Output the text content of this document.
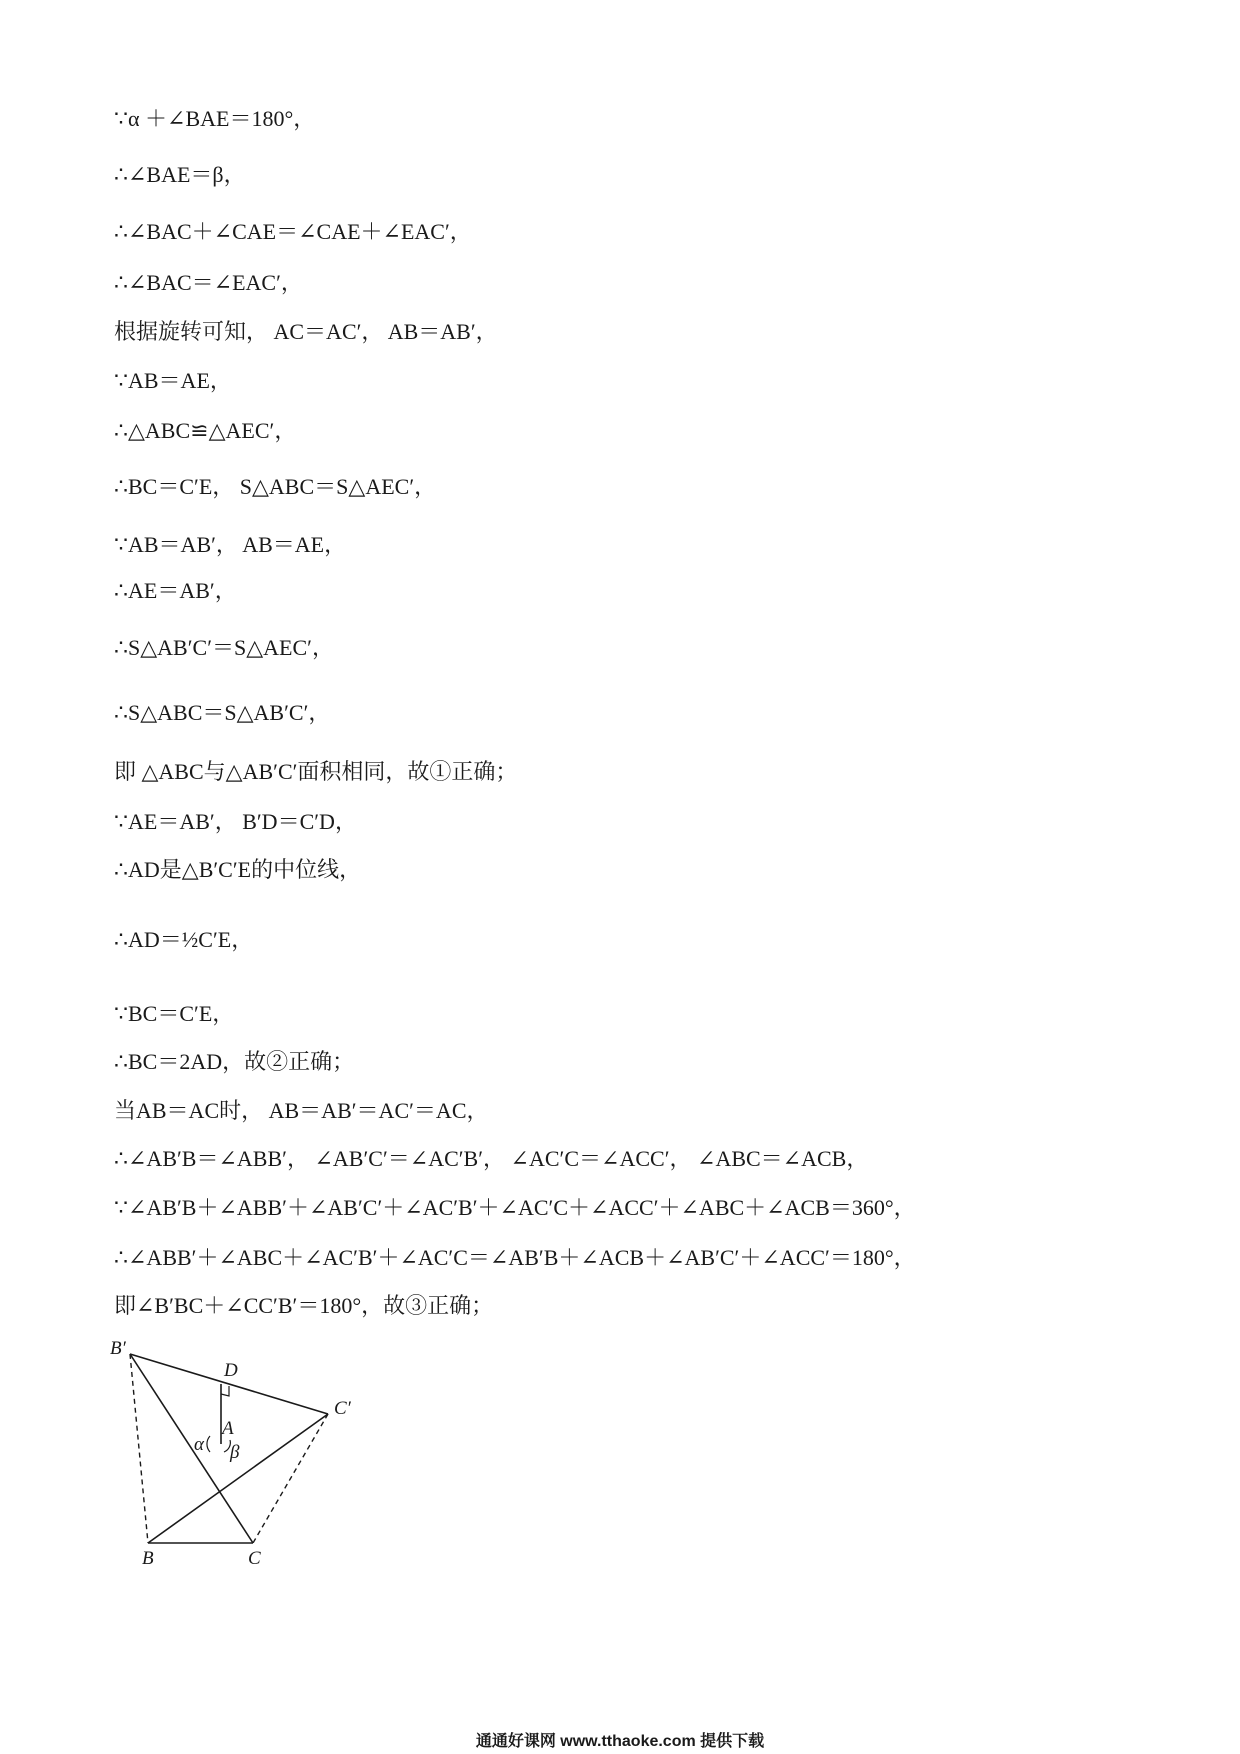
∵α ＋∠BAE＝180°，
∴∠BAE＝β，
∴∠BAC＋∠CAE＝∠CAE＋∠EAC′，
∴∠BAC＝∠EAC′，
根据旋转可知， AC＝AC′， AB＝AB′，
∵AB＝AE，
∴△ABC≌△AEC′，
∴BC＝C′E， S△ABC＝S△AEC′，
∵AB＝AB′， AB＝AE，
∴AE＝AB′，
∴S△AB′C′＝S△AEC′，
∴S△ABC＝S△AB′C′，
即 △ABC与△AB′C′面积相同，故①正确；
∵AE＝AB′， B′D＝C′D，
∴AD是△B′C′E的中位线，
∴AD＝½C′E，
∵BC＝C′E，
∴BC＝2AD，故②正确；
当AB＝AC时， AB＝AB′＝AC′＝AC，
∴∠AB′B＝∠ABB′， ∠AB′C′＝∠AC′B′， ∠AC′C＝∠ACC′， ∠ABC＝∠ACB，
∵∠AB′B＋∠ABB′＋∠AB′C′＋∠AC′B′＋∠AC′C＋∠ACC′＋∠ABC＋∠ACB＝360°，
∴∠ABB′＋∠ABC＋∠AC′B′＋∠AC′C＝∠AB′B＋∠ACB＋∠AB′C′＋∠ACC′＝180°，
即∠B′BC＋∠CC′B′＝180°，故③正确；
B′
D
C′
A
α β
B	C
通通好课网 www.tthaoke.com 提供下载
